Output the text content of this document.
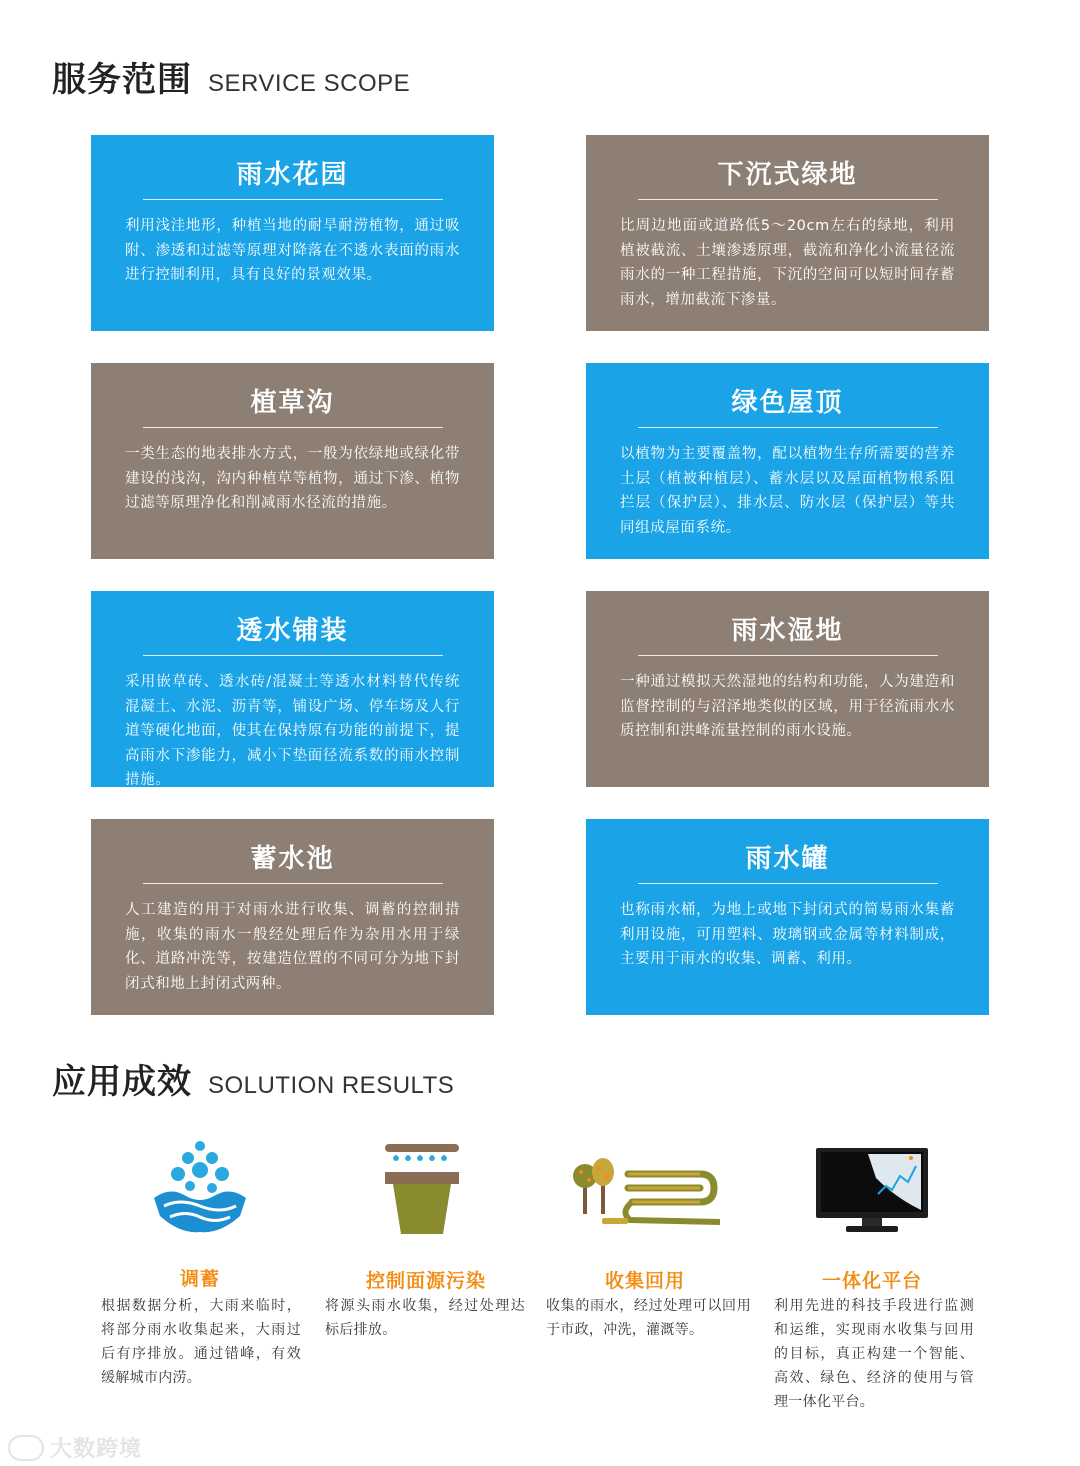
服务范围 SERVICE SCOPE
雨水花园
利用浅洼地形，种植当地的耐旱耐涝植物，通过吸附、渗透和过滤等原理对降落在不透水表面的雨水进行控制利用，具有良好的景观效果。
下沉式绿地
比周边地面或道路低5～20cm左右的绿地，利用植被截流、土壤渗透原理，截流和净化小流量径流雨水的一种工程措施，下沉的空间可以短时间存蓄雨水，增加截流下渗量。
植草沟
一类生态的地表排水方式，一般为依绿地或绿化带建设的浅沟，沟内种植草等植物，通过下渗、植物过滤等原理净化和削减雨水径流的措施。
绿色屋顶
以植物为主要覆盖物，配以植物生存所需要的营养土层（植被种植层）、蓄水层以及屋面植物根系阻拦层（保护层）、排水层、防水层（保护层）等共同组成屋面系统。
透水铺装
采用嵌草砖、透水砖/混凝土等透水材料替代传统混凝土、水泥、沥青等，铺设广场、停车场及人行道等硬化地面，使其在保持原有功能的前提下，提高雨水下渗能力，减小下垫面径流系数的雨水控制措施。
雨水湿地
一种通过模拟天然湿地的结构和功能，人为建造和监督控制的与沼泽地类似的区域，用于径流雨水水质控制和洪峰流量控制的雨水设施。
蓄水池
人工建造的用于对雨水进行收集、调蓄的控制措施，收集的雨水一般经处理后作为杂用水用于绿化、道路冲洗等，按建造位置的不同可分为地下封闭式和地上封闭式两种。
雨水罐
也称雨水桶，为地上或地下封闭式的简易雨水集蓄利用设施，可用塑料、玻璃钢或金属等材料制成，主要用于雨水的收集、调蓄、利用。
应用成效 SOLUTION RESULTS
调蓄
根据数据分析，大雨来临时，将部分雨水收集起来，大雨过后有序排放。通过错峰，有效缓解城市内涝。
控制面源污染
将源头雨水收集，经过处理达标后排放。
收集回用
收集的雨水，经过处理可以回用于市政，冲洗，灌溉等。
一体化平台
利用先进的科技手段进行监测和运维，实现雨水收集与回用的目标，真正构建一个智能、高效、绿色、经济的使用与管理一体化平台。
大数跨境
